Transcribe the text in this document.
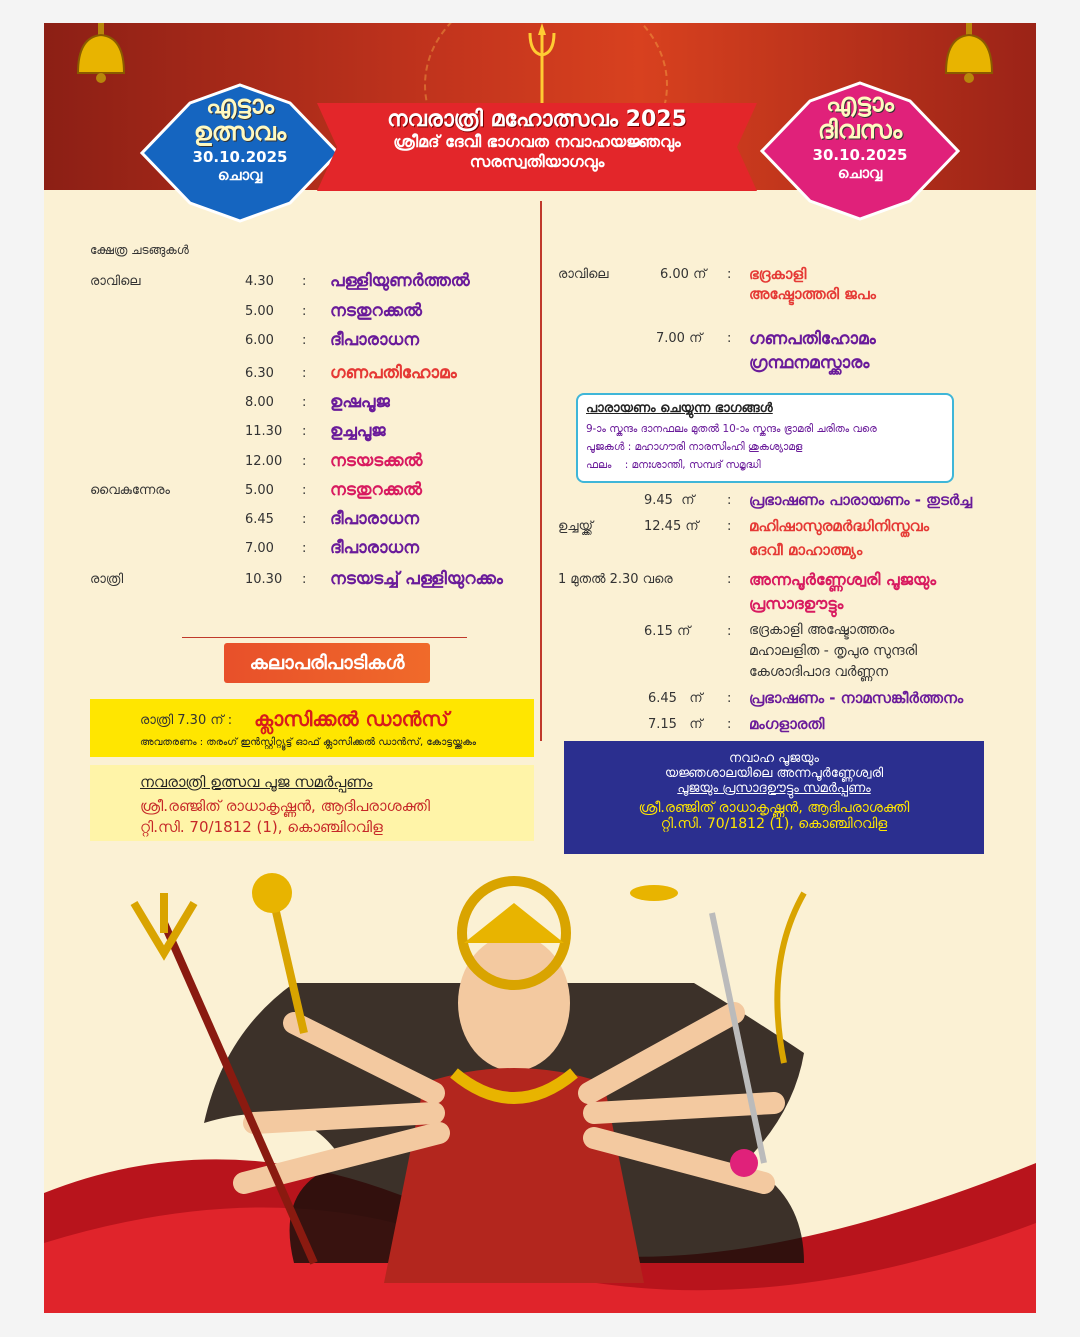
എട്ടാം
ഉത്സവം
30.10.2025
ചൊവ്വ
എട്ടാം
ദിവസം
30.10.2025
ചൊവ്വ
നവരാത്രി മഹോത്സവം 2025
ശ്രീമദ് ദേവീ ഭാഗവത നവാഹയജ്ഞവും
സരസ്വതിയാഗവും
ക്ഷേത്ര ചടങ്ങുകൾ
രാവിലെ	4.30 : പള്ളിയുണർത്തൽ
5.00 : നടതുറക്കൽ
6.00 : ദീപാരാധന
6.30 : ഗണപതിഹോമം
8.00 : ഉഷപൂജ
11.30 : ഉച്ചപൂജ
12.00 : നടയടക്കൽ
വൈകുന്നേരം	5.00 : നടതുറക്കൽ
6.45 : ദീപാരാധന
7.00 : ദീപാരാധന
രാത്രി	10.30 : നടയടച്ച് പള്ളിയുറക്കം
കലാപരിപാടികൾ
രാത്രി 7.30 ന് : ക്ലാസിക്കൽ ഡാൻസ്
അവതരണം : തരംഗ് ഇൻസ്റ്റിറ്റ്യൂട്ട് ഓഫ് ക്ലാസിക്കൽ ഡാൻസ്, കോട്ടയ്ക്കകം
നവരാത്രി ഉത്സവ പൂജ സമർപ്പണം
ശ്രീ.രഞ്ജിത് രാധാകൃഷ്ണൻ, ആദിപരാശക്തി
റ്റി.സി. 70/1812 (1), കൊഞ്ചിറവിള
രാവിലെ	6.00 ന് : ഭദ്രകാളി
അഷ്ടോത്തരി ജപം
7.00 ന് : ഗണപതിഹോമം
ഗ്രന്ഥനമസ്ക്കാരം
പാരായണം ചെയ്യുന്ന ഭാഗങ്ങൾ
9-ാം സ്കന്ദം ദാനഫലം മുതൽ 10-ാം സ്കന്ദം ഭ്രാമരി ചരിതം വരെ
പൂജകൾ : മഹാഗൗരി നാരസിംഹി ശുകശ്യാമള
ഫലം    : മനഃശാന്തി, സമ്പദ് സമൃദ്ധി
9.45  ന്	: പ്രഭാഷണം പാരായണം - തുടർച്ച
ഉച്ചയ്ക്ക്	12.45 ന് : മഹിഷാസുരമർദ്ധിനിസ്തവം
ദേവീ മാഹാത്മ്യം
1 മുതൽ 2.30 വരെ	: അന്നപൂർണ്ണേശ്വരി പൂജയും
പ്രസാദഊട്ടും
6.15 ന്	: ഭദ്രകാളി അഷ്ടോത്തരം
മഹാലളിത - തൃപുര സുന്ദരി
കേശാദിപാദ വർണ്ണന
6.45   ന് : പ്രഭാഷണം - നാമസങ്കീർത്തനം
7.15   ന് : മംഗളാരതി
നവാഹ പൂജയും
യജ്ഞശാലയിലെ അന്നപൂർണ്ണേശ്വരി
പൂജയും പ്രസാദഊട്ടും സമർപ്പണം
ശ്രീ.രഞ്ജിത് രാധാകൃഷ്ണൻ, ആദിപരാശക്തി
റ്റി.സി. 70/1812 (1), കൊഞ്ചിറവിള
